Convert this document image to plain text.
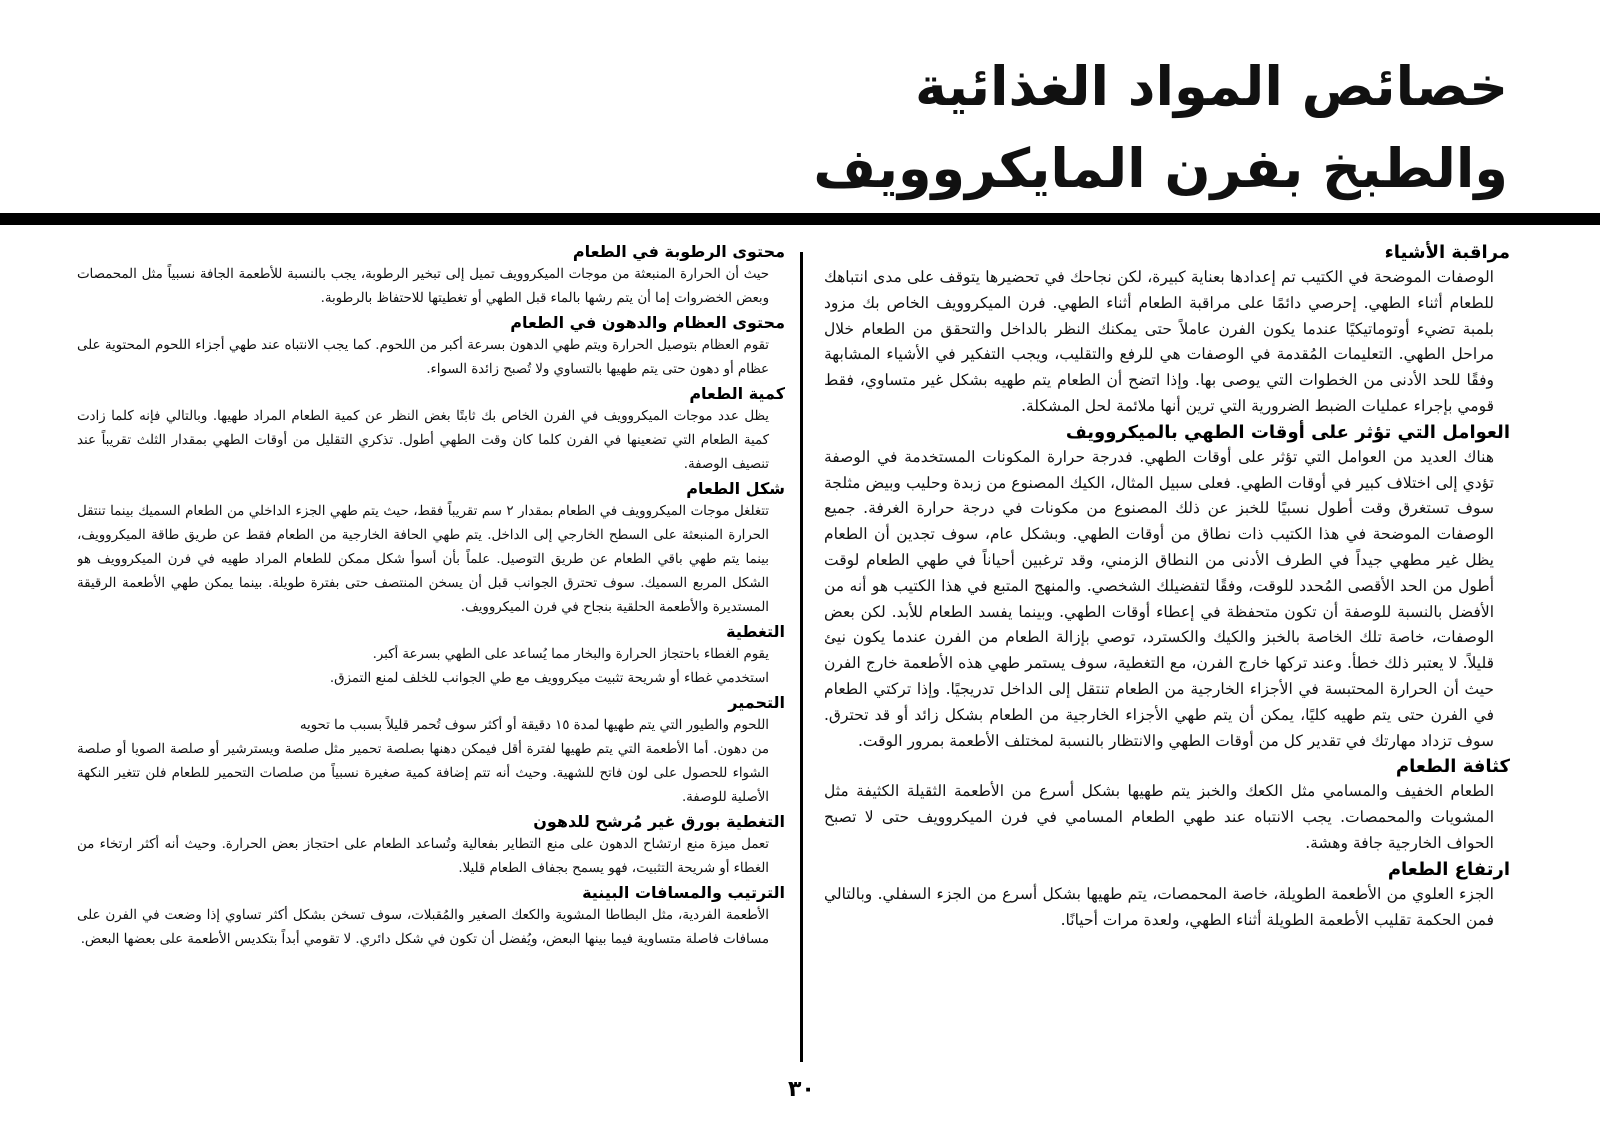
خصائص المواد الغذائية
والطبخ بفرن المايكروويف
مراقبة الأشياء

الوصفات الموضحة في الكتيب تم إعدادها بعناية كبيرة، لكن نجاحك في تحضيرها يتوقف على مدى انتباهك للطعام أثناء الطهي. إحرصي دائمًا على مراقبة الطعام أثناء الطهي. فرن الميكروويف الخاص بك مزود بلمبة تضيء أوتوماتيكيًا عندما يكون الفرن عاملاً حتى يمكنك النظر بالداخل والتحقق من الطعام خلال مراحل الطهي. التعليمات المُقدمة في الوصفات هي للرفع والتقليب، ويجب التفكير في الأشياء المشابهة وفقًا للحد الأدنى من الخطوات التي يوصى بها. وإذا اتضح أن الطعام يتم طهيه بشكل غير متساوي، فقط قومي بإجراء عمليات الضبط الضرورية التي ترين أنها ملائمة لحل المشكلة.

العوامل التي تؤثر على أوقات الطهي بالميكروويف

هناك العديد من العوامل التي تؤثر على أوقات الطهي. فدرجة حرارة المكونات المستخدمة في الوصفة تؤدي إلى اختلاف كبير في أوقات الطهي. فعلى سبيل المثال، الكيك المصنوع من زبدة وحليب وبيض مثلجة سوف تستغرق وقت أطول نسبيًا للخبز عن ذلك المصنوع من مكونات في درجة حرارة الغرفة. جميع الوصفات الموضحة في هذا الكتيب ذات نطاق من أوقات الطهي. وبشكل عام، سوف تجدين أن الطعام يظل غير مطهي جيداً في الطرف الأدنى من النطاق الزمني، وقد ترغبين أحياناً في طهي الطعام لوقت أطول من الحد الأقصى المُحدد للوقت، وفقًا لتفضيلك الشخصي. والمنهج المتبع في هذا الكتيب هو أنه من الأفضل بالنسبة للوصفة أن تكون متحفظة في إعطاء أوقات الطهي. وبينما يفسد الطعام للأبد. لكن بعض الوصفات، خاصة تلك الخاصة بالخبز والكيك والكسترد، توصي بإزالة الطعام من الفرن عندما يكون نيئ قليلاً. لا يعتبر ذلك خطأ. وعند تركها خارج الفرن، مع التغطية، سوف يستمر طهي هذه الأطعمة خارج الفرن حيث أن الحرارة المحتبسة في الأجزاء الخارجية من الطعام تنتقل إلى الداخل تدريجيًا. وإذا تركتي الطعام في الفرن حتى يتم طهيه كليًا، يمكن أن يتم طهي الأجزاء الخارجية من الطعام بشكل زائد أو قد تحترق. سوف تزداد مهارتك في تقدير كل من أوقات الطهي والانتظار بالنسبة لمختلف الأطعمة بمرور الوقت.

كثافة الطعام

الطعام الخفيف والمسامي مثل الكعك والخبز يتم طهيها بشكل أسرع من الأطعمة الثقيلة الكثيفة مثل المشويات والمحمصات. يجب الانتباه عند طهي الطعام المسامي في فرن الميكروويف حتى لا تصبح الحواف الخارجية جافة وهشة.

ارتفاع الطعام

الجزء العلوي من الأطعمة الطويلة، خاصة المحمصات، يتم طهيها بشكل أسرع من الجزء السفلي. وبالتالي فمن الحكمة تقليب الأطعمة الطويلة أثناء الطهي، ولعدة مرات أحيانًا.

محتوى الرطوبة في الطعام

حيث أن الحرارة المنبعثة من موجات الميكروويف تميل إلى تبخير الرطوبة، يجب بالنسبة للأطعمة الجافة نسبياً مثل المحمصات وبعض الخضروات إما أن يتم رشها بالماء قبل الطهي أو تغطيتها للاحتفاظ بالرطوبة.

محتوى العظام والدهون في الطعام

تقوم العظام بتوصيل الحرارة ويتم طهي الدهون بسرعة أكبر من اللحوم. كما يجب الانتباه عند طهي أجزاء اللحوم المحتوية على عظام أو دهون حتى يتم طهيها بالتساوي ولا تُصبح زائدة السواء.

كمية الطعام

يظل عدد موجات الميكروويف في الفرن الخاص بك ثابتًا بغض النظر عن كمية الطعام المراد طهيها. وبالتالي فإنه كلما زادت كمية الطعام التي تضعينها في الفرن كلما كان وقت الطهي أطول. تذكري التقليل من أوقات الطهي بمقدار الثلث تقريباً عند تنصيف الوصفة.

شكل الطعام

تتغلغل موجات الميكروويف في الطعام بمقدار ٢ سم تقريباً فقط، حيث يتم طهي الجزء الداخلي من الطعام السميك بينما تنتقل الحرارة المنبعثة على السطح الخارجي إلى الداخل. يتم طهي الحافة الخارجية من الطعام فقط عن طريق طاقة الميكروويف، بينما يتم طهي باقي الطعام عن طريق التوصيل. علماً بأن أسوأ شكل ممكن للطعام المراد طهيه في فرن الميكروويف هو الشكل المربع السميك. سوف تحترق الجوانب قبل أن يسخن المنتصف حتى بفترة طويلة. بينما يمكن طهي الأطعمة الرقيقة المستديرة والأطعمة الحلقية بنجاح في فرن الميكروويف.

التغطية

يقوم الغطاء باحتجاز الحرارة والبخار مما يُساعد على الطهي بسرعة أكبر.

استخدمي غطاء أو شريحة تثبيت ميكروويف مع طي الجوانب للخلف لمنع التمزق.

التحمير

اللحوم والطيور التي يتم طهيها لمدة ١٥ دقيقة أو أكثر سوف تُحمر قليلاً بسبب ما تحويه

من دهون. أما الأطعمة التي يتم طهيها لفترة أقل فيمكن دهنها بصلصة تحمير مثل صلصة ويسترشير أو صلصة الصويا أو صلصة الشواء للحصول على لون فاتح للشهية. وحيث أنه تتم إضافة كمية صغيرة نسبياً من صلصات التحمير للطعام فلن تتغير النكهة الأصلية للوصفة.

التغطية بورق غير مُرشح للدهون

تعمل ميزة منع ارتشاح الدهون على منع التطاير بفعالية وتُساعد الطعام على احتجاز بعض الحرارة. وحيث أنه أكثر ارتخاء من الغطاء أو شريحة التثبيت، فهو يسمح بجفاف الطعام قليلا.

الترتيب والمسافات البينية

الأطعمة الفردية، مثل البطاطا المشوية والكعك الصغير والمُقبلات، سوف تسخن بشكل أكثر تساوي إذا وضعت في الفرن على مسافات فاصلة متساوية فيما بينها البعض، ويُفضل أن تكون في شكل دائري. لا تقومي أبداً بتكديس الأطعمة على بعضها البعض.

٣٠
